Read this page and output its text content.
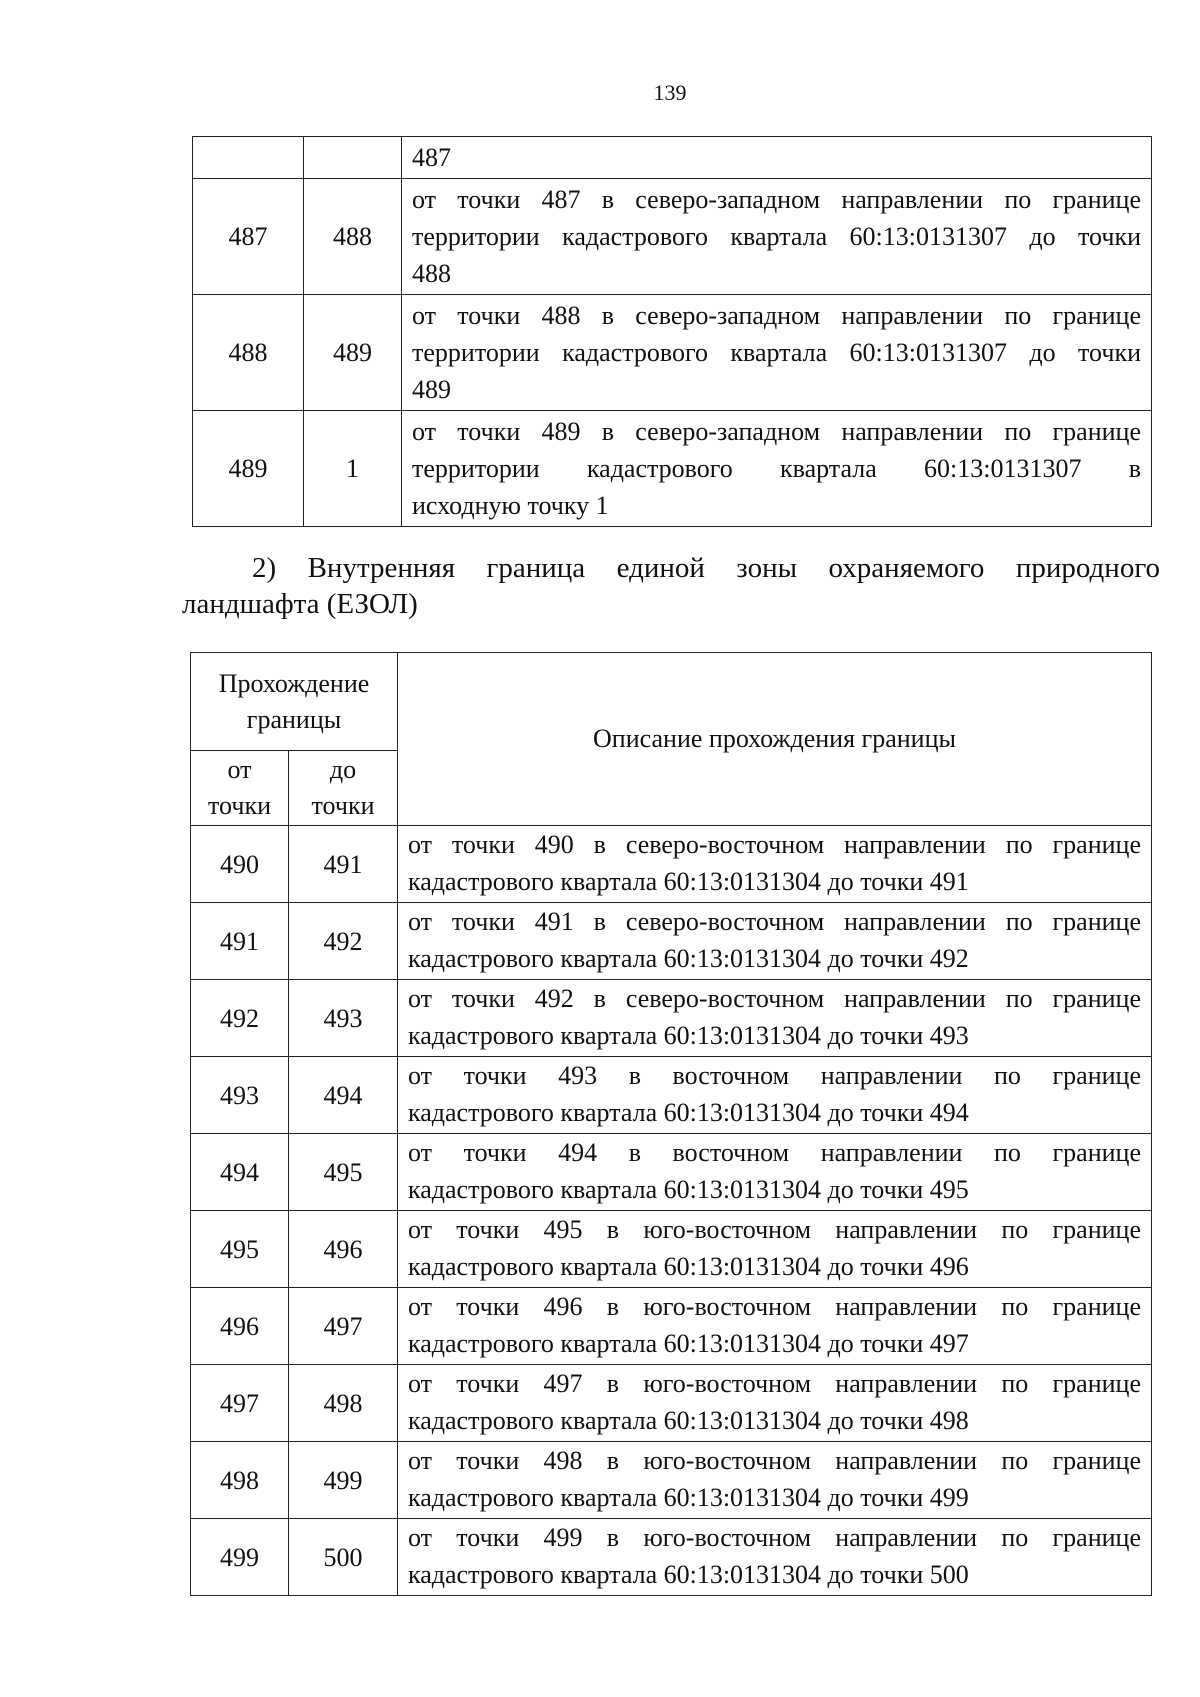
139

		487

487	488	от точки 487 в северо-западном направлении по границе
территории кадастрового квартала 60:13:0131307 до точки
488

488	489	от точки 488 в северо-западном направлении по границе
территории кадастрового квартала 60:13:0131307 до точки
489

489	1	от точки 489 в северо-западном направлении по границе
территории кадастрового квартала 60:13:0131307 в
исходную точку 1
2) Внутренняя граница единой зоны охраняемого природного
ландшафта (ЕЗОЛ)
Прохождение
границы		Описание прохождения границы

от
точки	до
точки	

490	491	от точки 490 в северо-восточном направлении по границе
кадастрового квартала 60:13:0131304 до точки 491

491	492	от точки 491 в северо-восточном направлении по границе
кадастрового квартала 60:13:0131304 до точки 492

492	493	от точки 492 в северо-восточном направлении по границе
кадастрового квартала 60:13:0131304 до точки 493

493	494	от точки 493 в восточном направлении по границе
кадастрового квартала 60:13:0131304 до точки 494

494	495	от точки 494 в восточном направлении по границе
кадастрового квартала 60:13:0131304 до точки 495

495	496	от точки 495 в юго-восточном направлении по границе
кадастрового квартала 60:13:0131304 до точки 496

496	497	от точки 496 в юго-восточном направлении по границе
кадастрового квартала 60:13:0131304 до точки 497

497	498	от точки 497 в юго-восточном направлении по границе
кадастрового квартала 60:13:0131304 до точки 498

498	499	от точки 498 в юго-восточном направлении по границе
кадастрового квартала 60:13:0131304 до точки 499

499	500	от точки 499 в юго-восточном направлении по границе
кадастрового квартала 60:13:0131304 до точки 500
